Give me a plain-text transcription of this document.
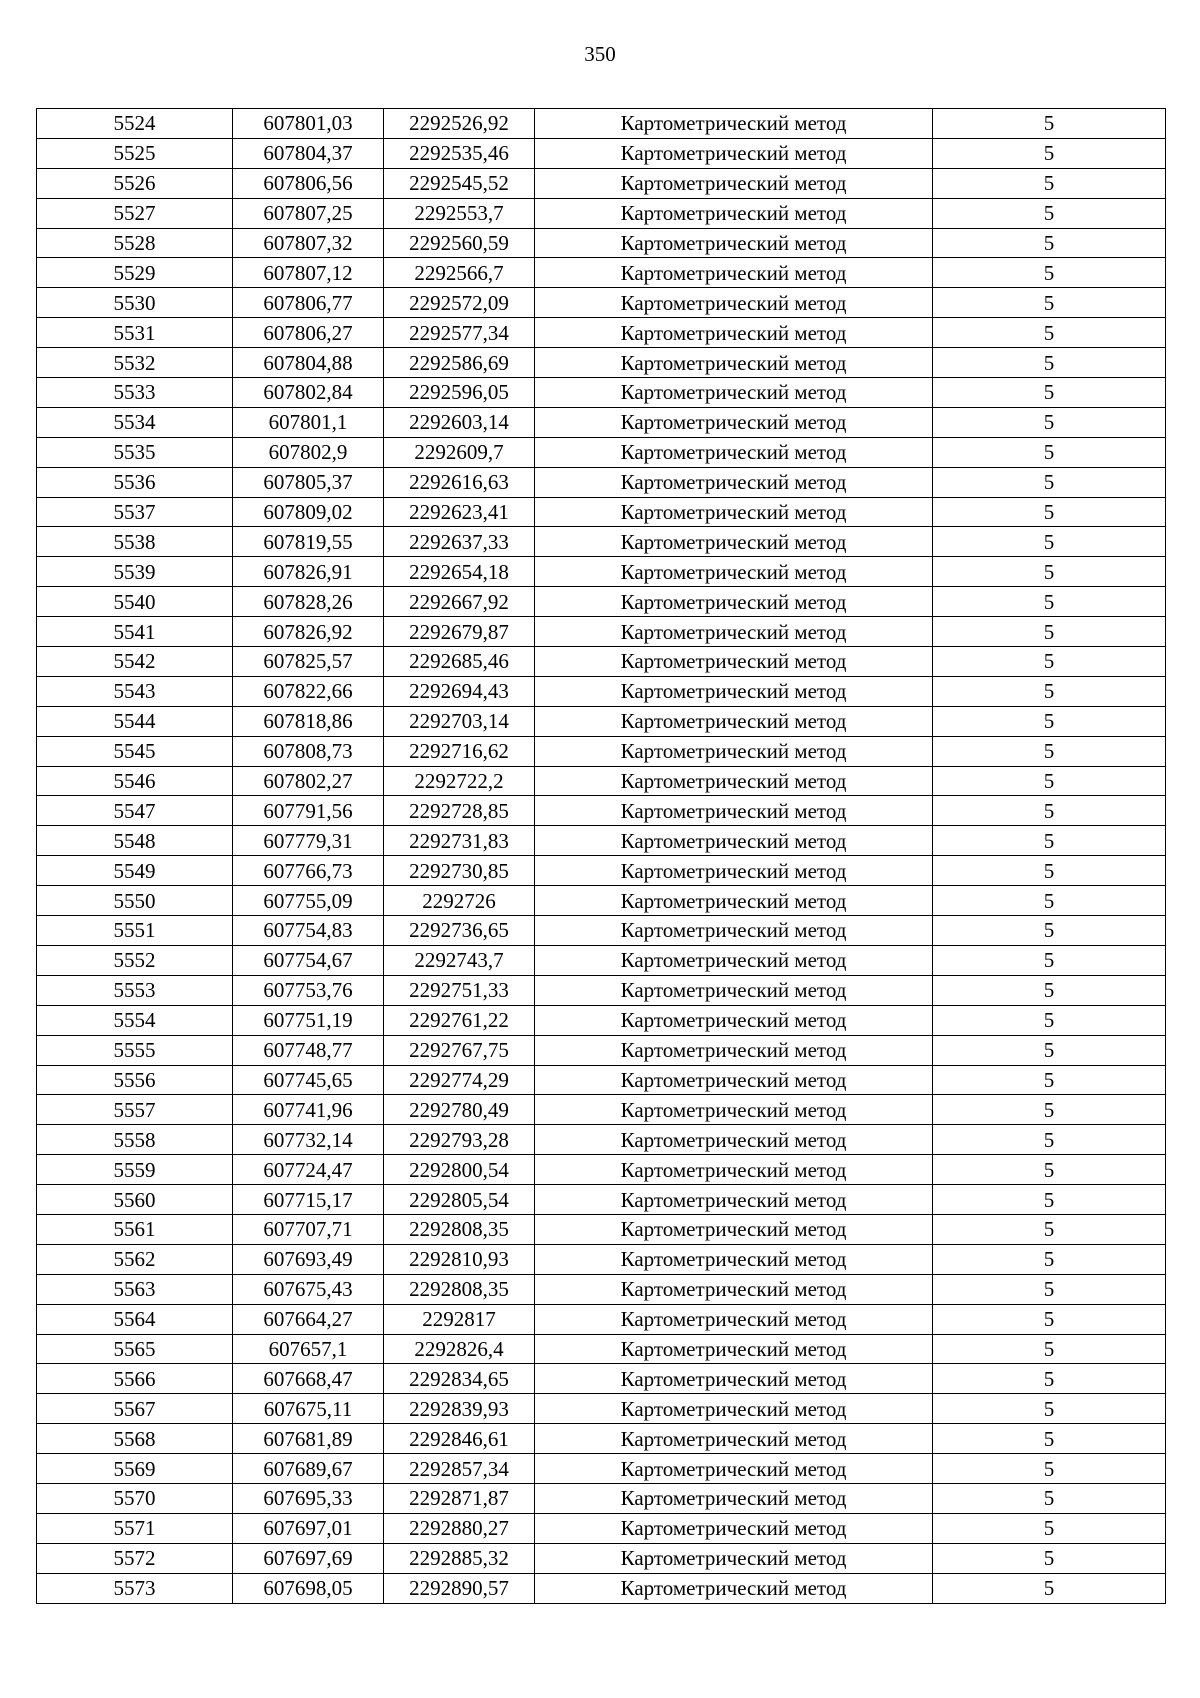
350
5524	607801,03	2292526,92	Картометрический метод	5
5525	607804,37	2292535,46	Картометрический метод	5
5526	607806,56	2292545,52	Картометрический метод	5
5527	607807,25	2292553,7	Картометрический метод	5
5528	607807,32	2292560,59	Картометрический метод	5
5529	607807,12	2292566,7	Картометрический метод	5
5530	607806,77	2292572,09	Картометрический метод	5
5531	607806,27	2292577,34	Картометрический метод	5
5532	607804,88	2292586,69	Картометрический метод	5
5533	607802,84	2292596,05	Картометрический метод	5
5534	607801,1	2292603,14	Картометрический метод	5
5535	607802,9	2292609,7	Картометрический метод	5
5536	607805,37	2292616,63	Картометрический метод	5
5537	607809,02	2292623,41	Картометрический метод	5
5538	607819,55	2292637,33	Картометрический метод	5
5539	607826,91	2292654,18	Картометрический метод	5
5540	607828,26	2292667,92	Картометрический метод	5
5541	607826,92	2292679,87	Картометрический метод	5
5542	607825,57	2292685,46	Картометрический метод	5
5543	607822,66	2292694,43	Картометрический метод	5
5544	607818,86	2292703,14	Картометрический метод	5
5545	607808,73	2292716,62	Картометрический метод	5
5546	607802,27	2292722,2	Картометрический метод	5
5547	607791,56	2292728,85	Картометрический метод	5
5548	607779,31	2292731,83	Картометрический метод	5
5549	607766,73	2292730,85	Картометрический метод	5
5550	607755,09	2292726	Картометрический метод	5
5551	607754,83	2292736,65	Картометрический метод	5
5552	607754,67	2292743,7	Картометрический метод	5
5553	607753,76	2292751,33	Картометрический метод	5
5554	607751,19	2292761,22	Картометрический метод	5
5555	607748,77	2292767,75	Картометрический метод	5
5556	607745,65	2292774,29	Картометрический метод	5
5557	607741,96	2292780,49	Картометрический метод	5
5558	607732,14	2292793,28	Картометрический метод	5
5559	607724,47	2292800,54	Картометрический метод	5
5560	607715,17	2292805,54	Картометрический метод	5
5561	607707,71	2292808,35	Картометрический метод	5
5562	607693,49	2292810,93	Картометрический метод	5
5563	607675,43	2292808,35	Картометрический метод	5
5564	607664,27	2292817	Картометрический метод	5
5565	607657,1	2292826,4	Картометрический метод	5
5566	607668,47	2292834,65	Картометрический метод	5
5567	607675,11	2292839,93	Картометрический метод	5
5568	607681,89	2292846,61	Картометрический метод	5
5569	607689,67	2292857,34	Картометрический метод	5
5570	607695,33	2292871,87	Картометрический метод	5
5571	607697,01	2292880,27	Картометрический метод	5
5572	607697,69	2292885,32	Картометрический метод	5
5573	607698,05	2292890,57	Картометрический метод	5
